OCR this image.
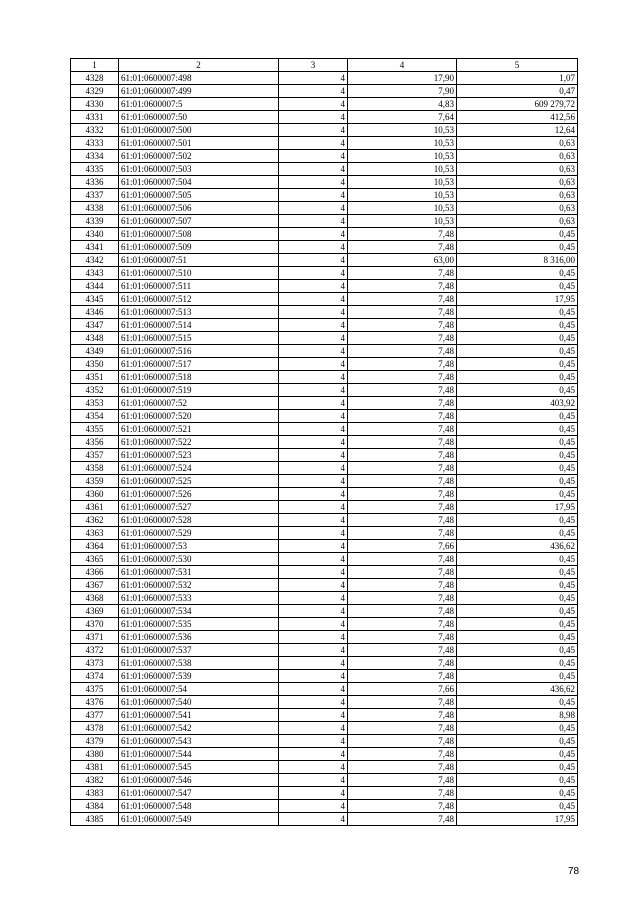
1	2	3	4	5
4328	61:01:0600007:498	4	17,90	1,07
4329	61:01:0600007:499	4	7,90	0,47
4330	61:01:0600007:5	4	4,83	609 279,72
4331	61:01:0600007:50	4	7,64	412,56
4332	61:01:0600007:500	4	10,53	12,64
4333	61:01:0600007:501	4	10,53	0,63
4334	61:01:0600007:502	4	10,53	0,63
4335	61:01:0600007:503	4	10,53	0,63
4336	61:01:0600007:504	4	10,53	0,63
4337	61:01:0600007:505	4	10,53	0,63
4338	61:01:0600007:506	4	10,53	0,63
4339	61:01:0600007:507	4	10,53	0,63
4340	61:01:0600007:508	4	7,48	0,45
4341	61:01:0600007:509	4	7,48	0,45
4342	61:01:0600007:51	4	63,00	8 316,00
4343	61:01:0600007:510	4	7,48	0,45
4344	61:01:0600007:511	4	7,48	0,45
4345	61:01:0600007:512	4	7,48	17,95
4346	61:01:0600007:513	4	7,48	0,45
4347	61:01:0600007:514	4	7,48	0,45
4348	61:01:0600007:515	4	7,48	0,45
4349	61:01:0600007:516	4	7,48	0,45
4350	61:01:0600007:517	4	7,48	0,45
4351	61:01:0600007:518	4	7,48	0,45
4352	61:01:0600007:519	4	7,48	0,45
4353	61:01:0600007:52	4	7,48	403,92
4354	61:01:0600007:520	4	7,48	0,45
4355	61:01:0600007:521	4	7,48	0,45
4356	61:01:0600007:522	4	7,48	0,45
4357	61:01:0600007:523	4	7,48	0,45
4358	61:01:0600007:524	4	7,48	0,45
4359	61:01:0600007:525	4	7,48	0,45
4360	61:01:0600007:526	4	7,48	0,45
4361	61:01:0600007:527	4	7,48	17,95
4362	61:01:0600007:528	4	7,48	0,45
4363	61:01:0600007:529	4	7,48	0,45
4364	61:01:0600007:53	4	7,66	436,62
4365	61:01:0600007:530	4	7,48	0,45
4366	61:01:0600007:531	4	7,48	0,45
4367	61:01:0600007:532	4	7,48	0,45
4368	61:01:0600007:533	4	7,48	0,45
4369	61:01:0600007:534	4	7,48	0,45
4370	61:01:0600007:535	4	7,48	0,45
4371	61:01:0600007:536	4	7,48	0,45
4372	61:01:0600007:537	4	7,48	0,45
4373	61:01:0600007:538	4	7,48	0,45
4374	61:01:0600007:539	4	7,48	0,45
4375	61:01:0600007:54	4	7,66	436,62
4376	61:01:0600007:540	4	7,48	0,45
4377	61:01:0600007:541	4	7,48	8,98
4378	61:01:0600007:542	4	7,48	0,45
4379	61:01:0600007:543	4	7,48	0,45
4380	61:01:0600007:544	4	7,48	0,45
4381	61:01:0600007:545	4	7,48	0,45
4382	61:01:0600007:546	4	7,48	0,45
4383	61:01:0600007:547	4	7,48	0,45
4384	61:01:0600007:548	4	7,48	0,45
4385	61:01:0600007:549	4	7,48	17,95
78
